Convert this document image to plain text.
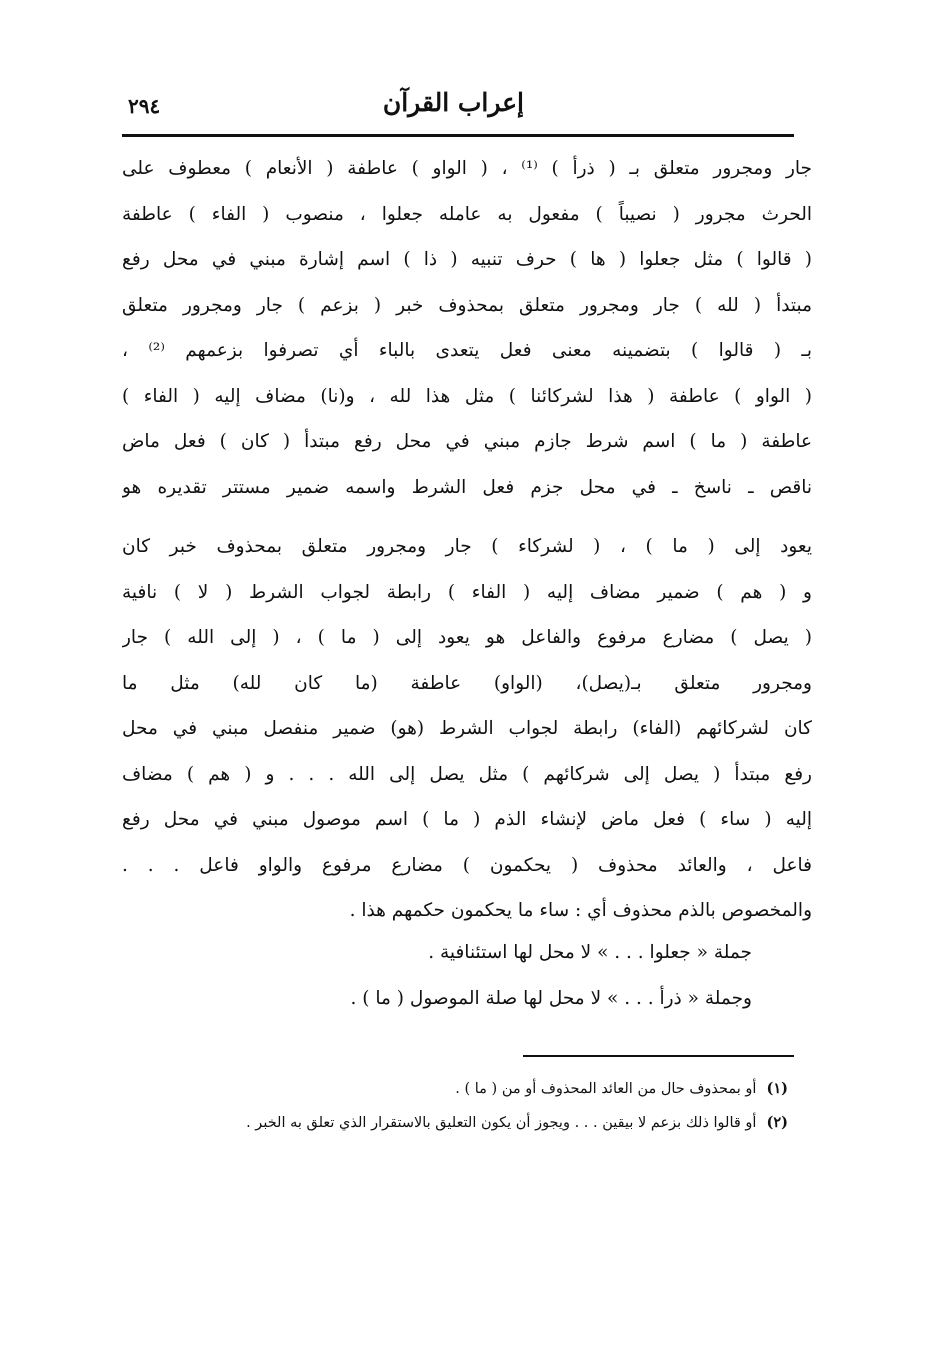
إعراب القرآن
٢٩٤
جار ومجرور متعلق بـ ( ذرأ ) ⁽¹⁾ ، ( الواو ) عاطفة ( الأنعام ) معطوف على
الحرث مجرور ( نصيباً ) مفعول به عامله جعلوا ، منصوب ( الفاء ) عاطفة
( قالوا ) مثل جعلوا ( ها ) حرف تنبيه ( ذا ) اسم إشارة مبني في محل رفع
مبتدأ ( لله ) جار ومجرور متعلق بمحذوف خبر ( بزعم ) جار ومجرور متعلق
بـ ( قالوا ) بتضمينه معنى فعل يتعدى بالباء أي تصرفوا بزعمهم ⁽²⁾ ،
( الواو ) عاطفة ( هذا لشركائنا ) مثل هذا لله ، و(نا) مضاف إليه ( الفاء )
عاطفة ( ما ) اسم شرط جازم مبني في محل رفع مبتدأ ( كان ) فعل ماض
ناقص ـ ناسخ ـ في محل جزم فعل الشرط واسمه ضمير مستتر تقديره هو
يعود إلى ( ما ) ، ( لشركاء ) جار ومجرور متعلق بمحذوف خبر كان
و ( هم ) ضمير مضاف إليه ( الفاء ) رابطة لجواب الشرط ( لا ) نافية
( يصل ) مضارع مرفوع والفاعل هو يعود إلى ( ما ) ، ( إلى الله ) جار
ومجرور متعلق بـ(يصل)، (الواو) عاطفة (ما كان لله) مثل ما
كان لشركائهم (الفاء) رابطة لجواب الشرط (هو) ضمير منفصل مبني في محل
رفع مبتدأ ( يصل إلى شركائهم ) مثل يصل إلى الله . . . و ( هم ) مضاف
إليه ( ساء ) فعل ماض لإنشاء الذم ( ما ) اسم موصول مبني في محل رفع
فاعل ، والعائد محذوف ( يحكمون ) مضارع مرفوع والواو فاعل . . .
والمخصوص بالذم محذوف أي : ساء ما يحكمون حكمهم هذا .
جملة « جعلوا . . . » لا محل لها استئنافية .
وجملة « ذرأ . . . » لا محل لها صلة الموصول ( ما ) .
(١)أو بمحذوف حال من العائد المحذوف أو من ( ما ) .
(٢)أو قالوا ذلك بزعم لا بيقين . . . ويجوز أن يكون التعليق بالاستقرار الذي تعلق به الخبر .
